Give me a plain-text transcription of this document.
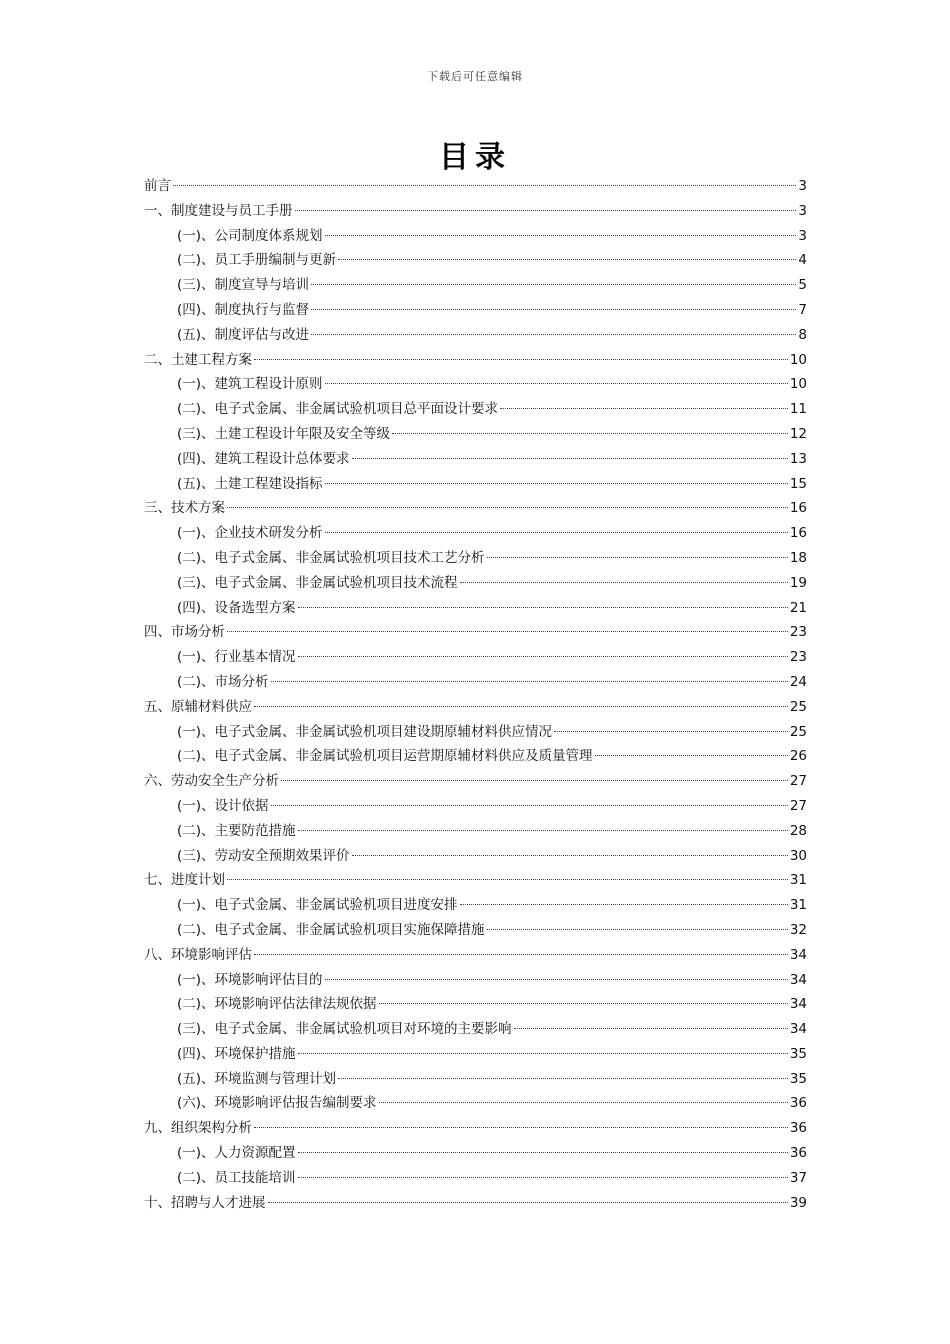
下载后可任意编辑
目录
前言	3
一、制度建设与员工手册	3
(一)、公司制度体系规划	3
(二)、员工手册编制与更新	4
(三)、制度宣导与培训	5
(四)、制度执行与监督	7
(五)、制度评估与改进	8
二、土建工程方案	10
(一)、建筑工程设计原则	10
(二)、电子式金属、非金属试验机项目总平面设计要求	11
(三)、土建工程设计年限及安全等级	12
(四)、建筑工程设计总体要求	13
(五)、土建工程建设指标	15
三、技术方案	16
(一)、企业技术研发分析	16
(二)、电子式金属、非金属试验机项目技术工艺分析	18
(三)、电子式金属、非金属试验机项目技术流程	19
(四)、设备选型方案	21
四、市场分析	23
(一)、行业基本情况	23
(二)、市场分析	24
五、原辅材料供应	25
(一)、电子式金属、非金属试验机项目建设期原辅材料供应情况	25
(二)、电子式金属、非金属试验机项目运营期原辅材料供应及质量管理	26
六、劳动安全生产分析	27
(一)、设计依据	27
(二)、主要防范措施	28
(三)、劳动安全预期效果评价	30
七、进度计划	31
(一)、电子式金属、非金属试验机项目进度安排	31
(二)、电子式金属、非金属试验机项目实施保障措施	32
八、环境影响评估	34
(一)、环境影响评估目的	34
(二)、环境影响评估法律法规依据	34
(三)、电子式金属、非金属试验机项目对环境的主要影响	34
(四)、环境保护措施	35
(五)、环境监测与管理计划	35
(六)、环境影响评估报告编制要求	36
九、组织架构分析	36
(一)、人力资源配置	36
(二)、员工技能培训	37
十、招聘与人才进展	39
